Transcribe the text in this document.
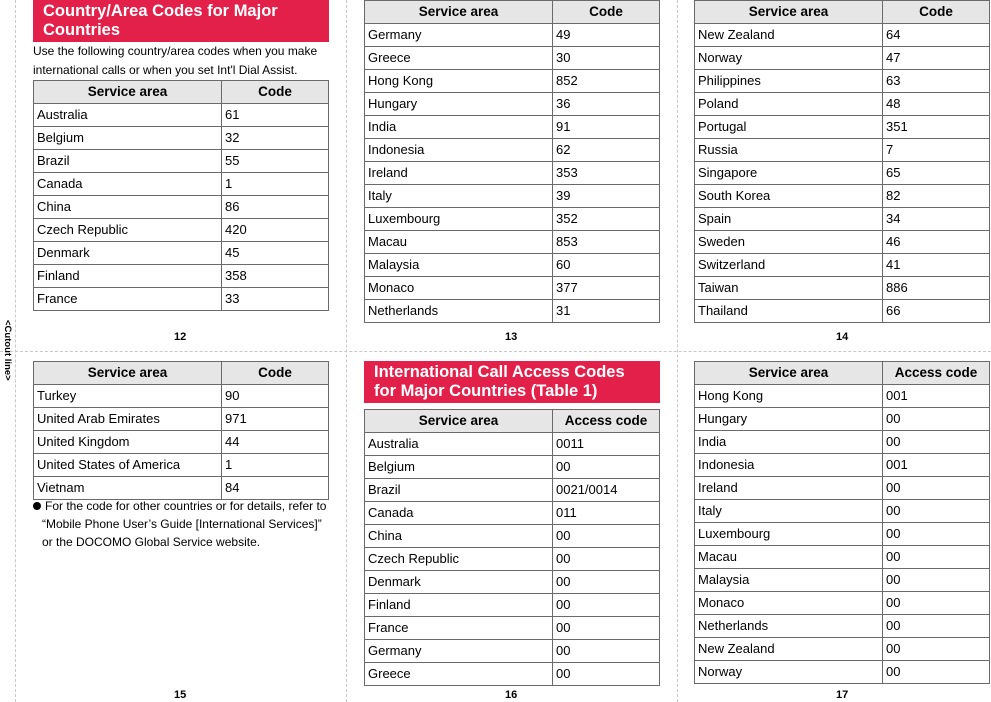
<Cutout line>
Country/Area Codes for Major Countries
Use the following country/area codes when you make international calls or when you set Int'l Dial Assist.
Service area	Code
Australia	61
Belgium	32
Brazil	55
Canada	1
China	86
Czech Republic	420
Denmark	45
Finland	358
France	33
12
Service area	Code
Germany	49
Greece	30
Hong Kong	852
Hungary	36
India	91
Indonesia	62
Ireland	353
Italy	39
Luxembourg	352
Macau	853
Malaysia	60
Monaco	377
Netherlands	31
13
Service area	Code
New Zealand	64
Norway	47
Philippines	63
Poland	48
Portugal	351
Russia	7
Singapore	65
South Korea	82
Spain	34
Sweden	46
Switzerland	41
Taiwan	886
Thailand	66
14
Service area	Code
Turkey	90
United Arab Emirates	971
United Kingdom	44
United States of America	1
Vietnam	84
For the code for other countries or for details, refer to “Mobile Phone User’s Guide [International Services]” or the DOCOMO Global Service website.
15
International Call Access Codes for Major Countries (Table 1)
Service area	Access code
Australia	0011
Belgium	00
Brazil	0021/0014
Canada	011
China	00
Czech Republic	00
Denmark	00
Finland	00
France	00
Germany	00
Greece	00
16
Service area	Access code
Hong Kong	001
Hungary	00
India	00
Indonesia	001
Ireland	00
Italy	00
Luxembourg	00
Macau	00
Malaysia	00
Monaco	00
Netherlands	00
New Zealand	00
Norway	00
17
